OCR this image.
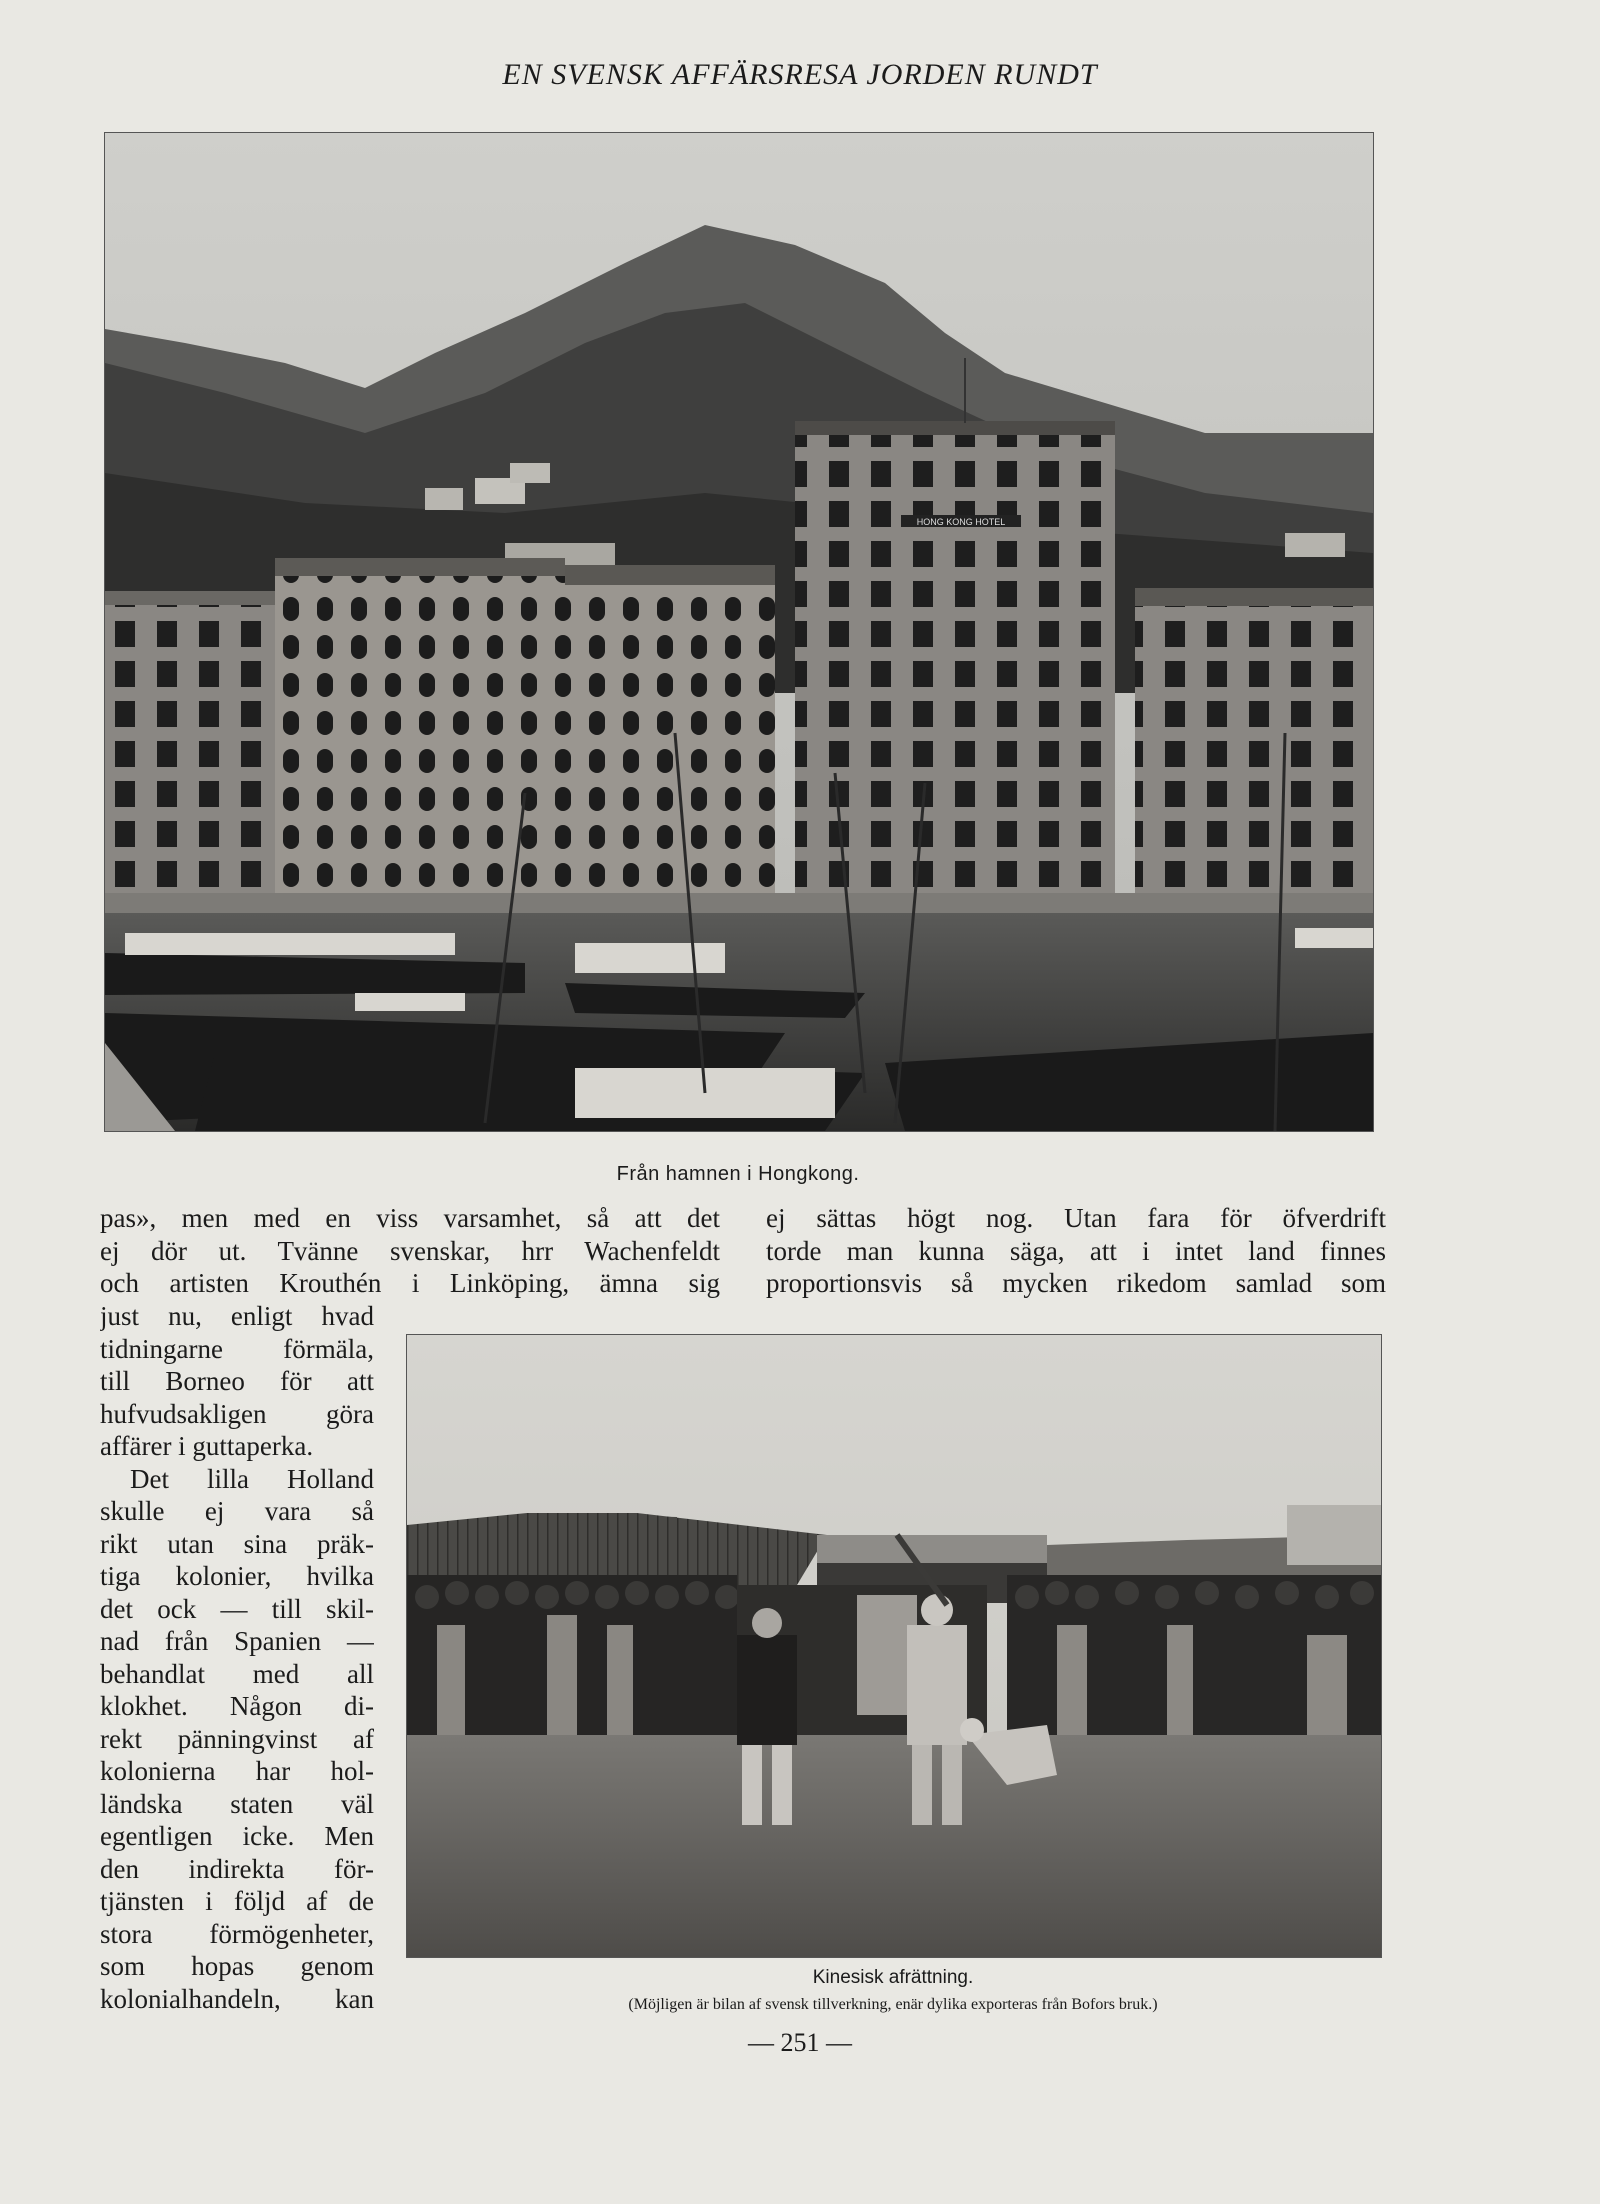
EN SVENSK AFFÄRSRESA JORDEN RUNDT
HONG KONG HOTEL
Från hamnen i Hongkong.
pas», men med en viss varsamhet, så att det
ej dör ut. Tvänne svenskar, hrr Wachenfeldt
och artisten Krouthén i Linköping, ämna sig
ej sättas högt nog. Utan fara för öfverdrift
torde man kunna säga, att i intet land finnes
proportionsvis så mycken rikedom samlad som
just nu, enligt hvad
tidningarne förmäla,
till Borneo för att
hufvudsakligen göra
affärer i guttaperka.
Det lilla Holland
skulle ej vara så
rikt utan sina präk-
tiga kolonier, hvilka
det ock — till skil-
nad från Spanien —
behandlat med all
klokhet. Någon di-
rekt pänningvinst af
kolonierna har hol-
ländska staten väl
egentligen icke. Men
den indirekta för-
tjänsten i följd af de
stora förmögenheter,
som hopas genom
kolonialhandeln, kan
Kinesisk afrättning.
(Möjligen är bilan af svensk tillverkning, enär dylika exporteras från Bofors bruk.)
— 251 —
